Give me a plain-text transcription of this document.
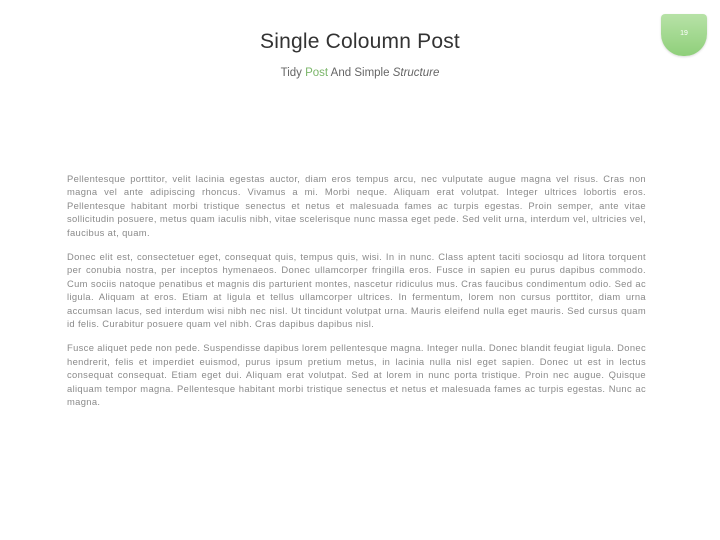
19
Single Coloumn Post
Tidy Post And Simple Structure

Pellentesque porttitor, velit lacinia egestas auctor, diam eros tempus arcu, nec vulputate augue magna vel risus. Cras non magna vel ante adipiscing rhoncus. Vivamus a mi. Morbi neque. Aliquam erat volutpat. Integer ultrices lobortis eros. Pellentesque habitant morbi tristique senectus et netus et malesuada fames ac turpis egestas. Proin semper, ante vitae sollicitudin posuere, metus quam iaculis nibh, vitae scelerisque nunc massa eget pede. Sed velit urna, interdum vel, ultricies vel, faucibus at, quam.

Donec elit est, consectetuer eget, consequat quis, tempus quis, wisi. In in nunc. Class aptent taciti sociosqu ad litora torquent per conubia nostra, per inceptos hymenaeos. Donec ullamcorper fringilla eros. Fusce in sapien eu purus dapibus commodo. Cum sociis natoque penatibus et magnis dis parturient montes, nascetur ridiculus mus. Cras faucibus condimentum odio. Sed ac ligula. Aliquam at eros. Etiam at ligula et tellus ullamcorper ultrices. In fermentum, lorem non cursus porttitor, diam urna accumsan lacus, sed interdum wisi nibh nec nisl. Ut tincidunt volutpat urna. Mauris eleifend nulla eget mauris. Sed cursus quam id felis. Curabitur posuere quam vel nibh. Cras dapibus dapibus nisl.

Fusce aliquet pede non pede. Suspendisse dapibus lorem pellentesque magna. Integer nulla. Donec blandit feugiat ligula. Donec hendrerit, felis et imperdiet euismod, purus ipsum pretium metus, in lacinia nulla nisl eget sapien. Donec ut est in lectus consequat consequat. Etiam eget dui. Aliquam erat volutpat. Sed at lorem in nunc porta tristique. Proin nec augue. Quisque aliquam tempor magna. Pellentesque habitant morbi tristique senectus et netus et malesuada fames ac turpis egestas. Nunc ac magna.
